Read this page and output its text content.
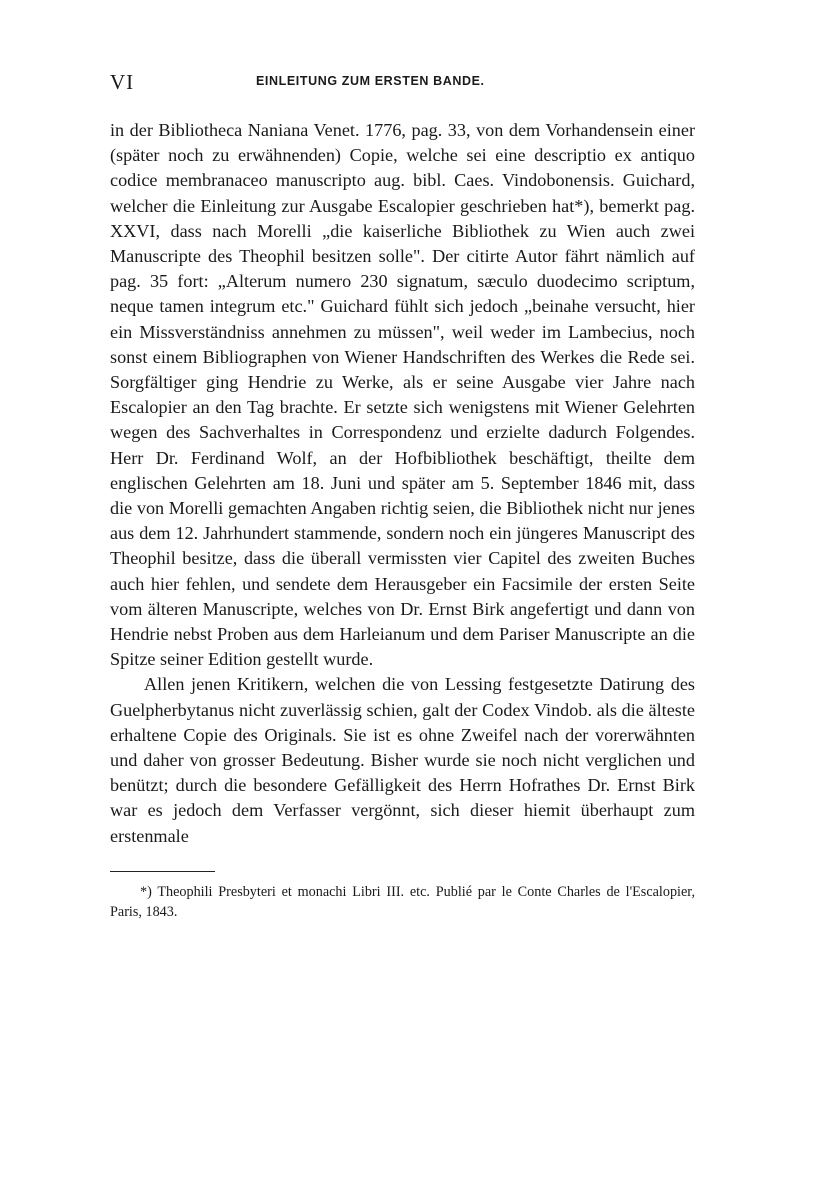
VI	EINLEITUNG ZUM ERSTEN BANDE.

in der Bibliotheca Naniana Venet. 1776, pag. 33, von dem Vorhandensein einer (später noch zu erwähnenden) Copie, welche sei eine descriptio ex antiquo codice membranaceo manuscripto aug. bibl. Caes. Vindobonensis. Guichard, welcher die Einleitung zur Ausgabe Escalopier geschrieben hat*), bemerkt pag. XXVI, dass nach Morelli „die kaiserliche Bibliothek zu Wien auch zwei Manuscripte des Theophil besitzen solle". Der citirte Autor fährt nämlich auf pag. 35 fort: „Alterum numero 230 signatum, sæculo duodecimo scriptum, neque tamen integrum etc." Guichard fühlt sich jedoch „beinahe versucht, hier ein Missverständniss annehmen zu müssen", weil weder im Lambecius, noch sonst einem Bibliographen von Wiener Handschriften des Werkes die Rede sei. Sorgfältiger ging Hendrie zu Werke, als er seine Ausgabe vier Jahre nach Escalopier an den Tag brachte. Er setzte sich wenigstens mit Wiener Gelehrten wegen des Sachverhaltes in Correspondenz und erzielte dadurch Folgendes. Herr Dr. Ferdinand Wolf, an der Hofbibliothek beschäftigt, theilte dem englischen Gelehrten am 18. Juni und später am 5. September 1846 mit, dass die von Morelli gemachten Angaben richtig seien, die Bibliothek nicht nur jenes aus dem 12. Jahrhundert stammende, sondern noch ein jüngeres Manuscript des Theophil besitze, dass die überall vermissten vier Capitel des zweiten Buches auch hier fehlen, und sendete dem Herausgeber ein Facsimile der ersten Seite vom älteren Manuscripte, welches von Dr. Ernst Birk angefertigt und dann von Hendrie nebst Proben aus dem Harleianum und dem Pariser Manuscripte an die Spitze seiner Edition gestellt wurde.

Allen jenen Kritikern, welchen die von Lessing festgesetzte Datirung des Guelpherbytanus nicht zuverlässig schien, galt der Codex Vindob. als die älteste erhaltene Copie des Originals. Sie ist es ohne Zweifel nach der vorerwähnten und daher von grosser Bedeutung. Bisher wurde sie noch nicht verglichen und benützt; durch die besondere Gefälligkeit des Herrn Hofrathes Dr. Ernst Birk war es jedoch dem Verfasser vergönnt, sich dieser hiemit überhaupt zum erstenmale

*) Theophili Presbyteri et monachi Libri III. etc. Publié par le Conte Charles de l'Escalopier, Paris, 1843.
